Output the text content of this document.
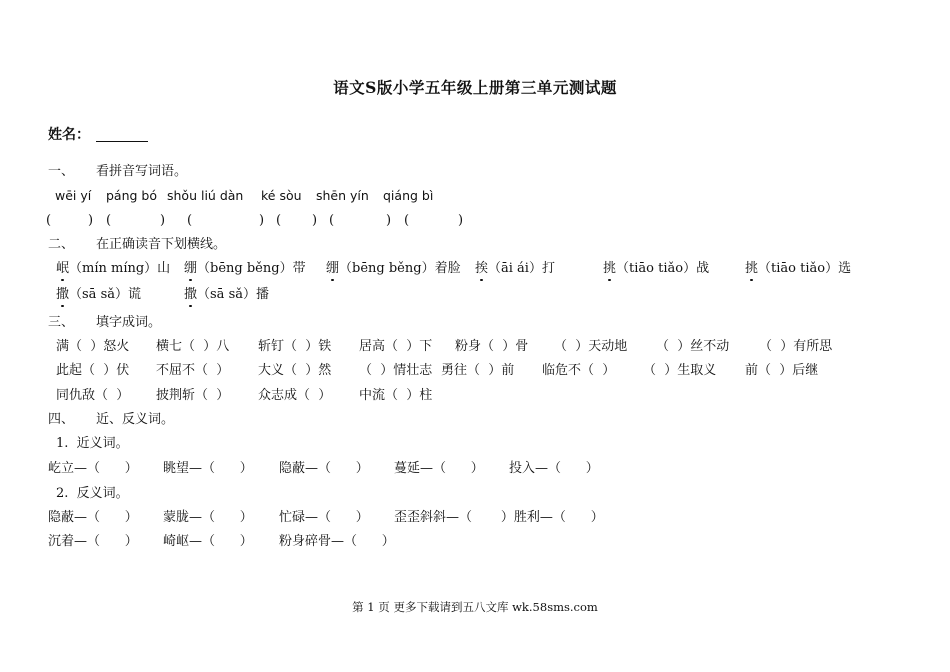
语文S版小学五年级上册第三单元测试题
姓名：
一、 看拼音写词语。
wēi yí páng bó shǒu liú dàn ké sòu shēn yín qiáng bì
(	) (	) (	) ( ) (	) (	)
二、 在正确读音下划横线。
岷（mín míng）山 绷（bēng běng）带 绷（bēng běng）着脸 挨（āi ái）打	挑（tiāo tiǎo）战	挑（tiāo tiǎo）选
撒（sā sǎ）谎	撒（sā sǎ）播
三、 填字成词。
满（  ）怒火 横七（  ）八 斩钉（  ）铁 居高（  ）下 粉身（  ）骨 （  ）天动地 （  ）丝不动 （  ）有所思
此起（  ）伏 不屈不（  ） 大义（  ）然 （  ）情壮志 勇往（  ）前 临危不（  ） （  ）生取义 前（  ）后继
同仇敌（  ） 披荆斩（  ） 众志成（  ） 中流（  ）柱
四、 近、反义词。
1.  近义词。
屹立—（      ） 眺望—（      ） 隐蔽—（      ） 蔓延—（      ） 投入—（      ）
2.  反义词。
隐蔽—（      ） 蒙胧—（      ） 忙碌—（      ） 歪歪斜斜—（       ）胜利—（      ）
沉着—（      ） 崎岖—（      ） 粉身碎骨—（      ）
第 1 页 更多下载请到五八文库 wk.58sms.com
